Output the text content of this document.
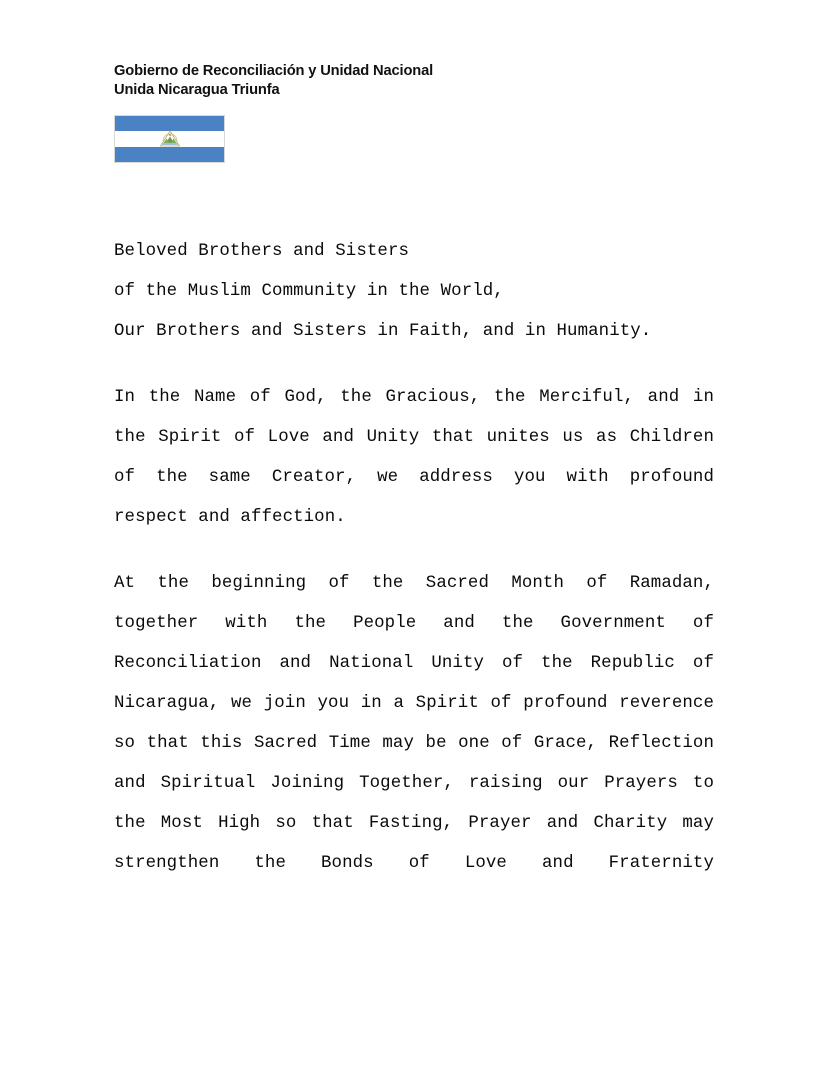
Gobierno de Reconciliación y Unidad Nacional
Unida Nicaragua Triunfa

Beloved Brothers and Sisters
of the Muslim Community in the World,
Our Brothers and Sisters in Faith, and in Humanity.

In the Name of God, the Gracious, the Merciful, and in the Spirit of Love and Unity that unites us as Children of the same Creator, we address you with profound respect and affection.

At the beginning of the Sacred Month of Ramadan, together with the People and the Government of Reconciliation and National Unity of the Republic of Nicaragua, we join you in a Spirit of profound reverence so that this Sacred Time may be one of Grace, Reflection and Spiritual Joining Together, raising our Prayers to the Most High so that Fasting, Prayer and Charity may strengthen the Bonds of Love and Fraternity
